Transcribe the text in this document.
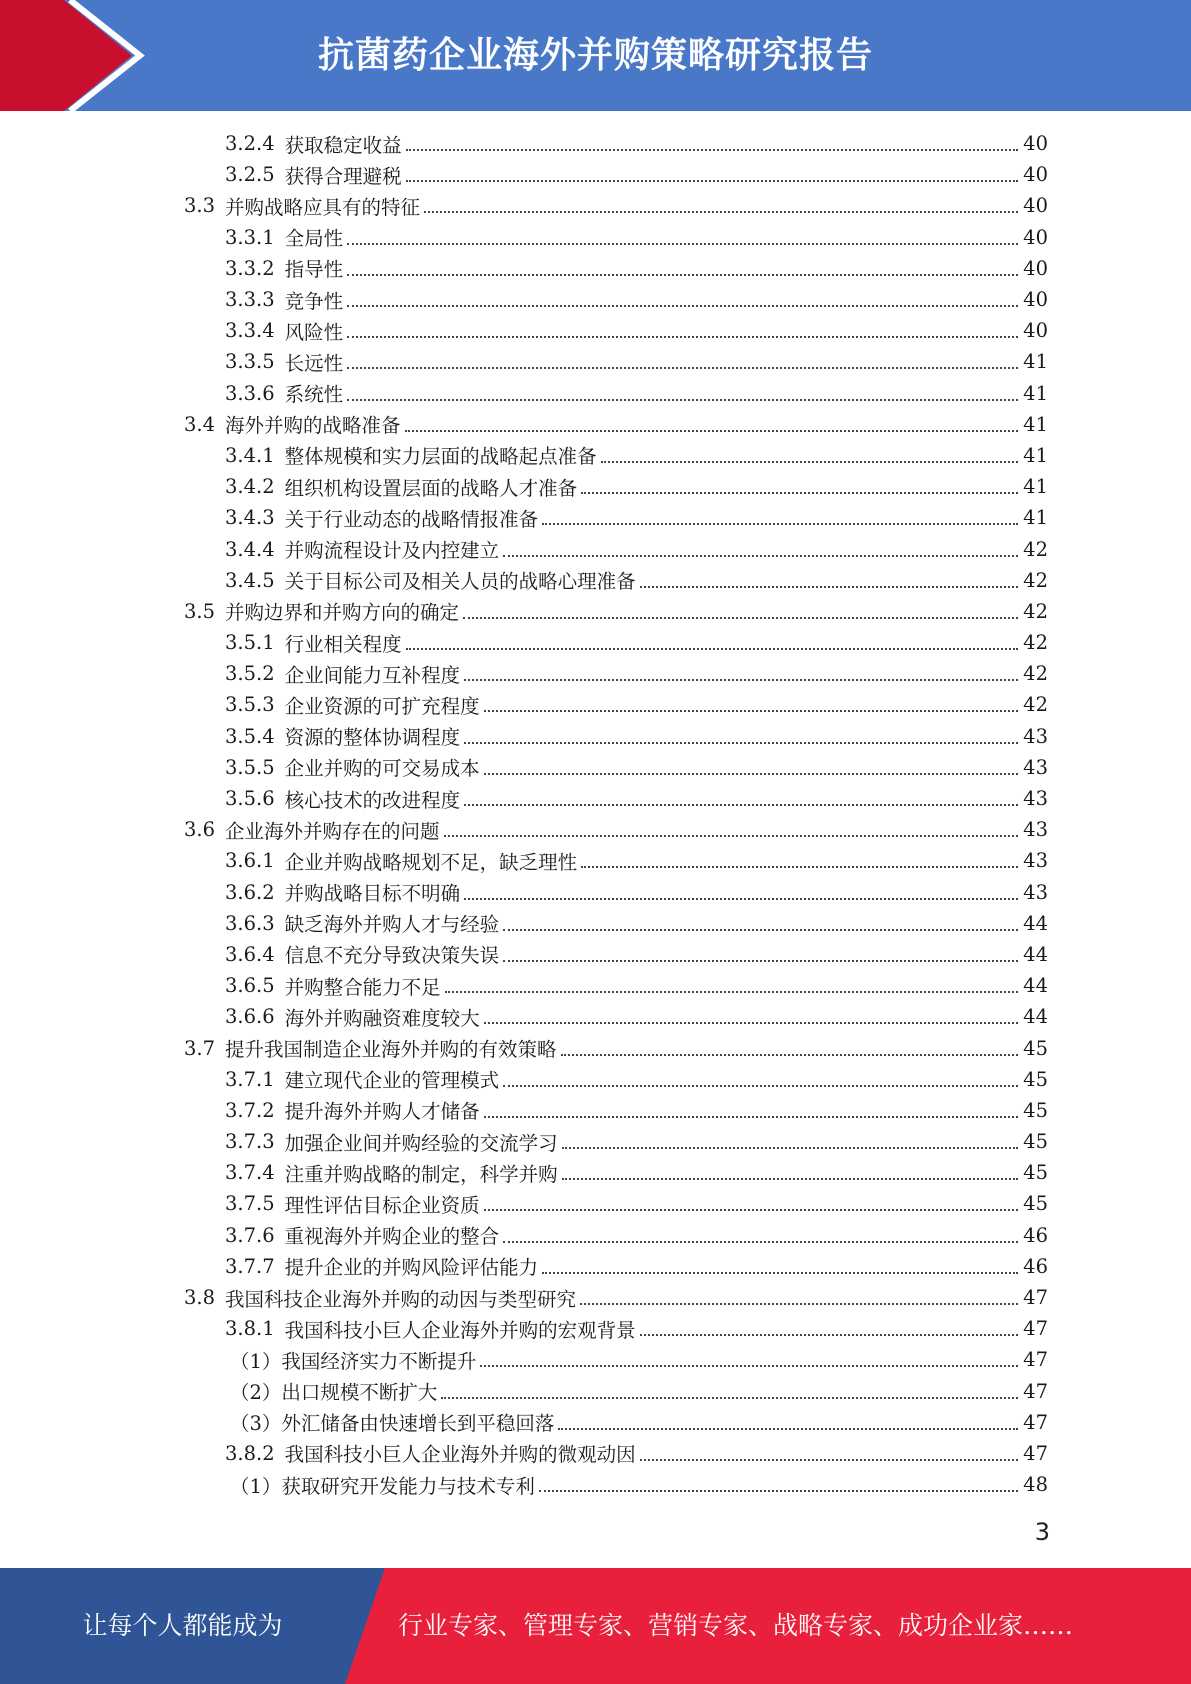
抗菌药企业海外并购策略研究报告
3.2.4 获取稳定收益	40
3.2.5 获得合理避税	40
3.3 并购战略应具有的特征	40
3.3.1 全局性	40
3.3.2 指导性	40
3.3.3 竞争性	40
3.3.4 风险性	40
3.3.5 长远性	41
3.3.6 系统性	41
3.4 海外并购的战略准备	41
3.4.1 整体规模和实力层面的战略起点准备	41
3.4.2 组织机构设置层面的战略人才准备	41
3.4.3 关于行业动态的战略情报准备	41
3.4.4 并购流程设计及内控建立	42
3.4.5 关于目标公司及相关人员的战略心理准备	42
3.5 并购边界和并购方向的确定	42
3.5.1 行业相关程度	42
3.5.2 企业间能力互补程度	42
3.5.3 企业资源的可扩充程度	42
3.5.4 资源的整体协调程度	43
3.5.5 企业并购的可交易成本	43
3.5.6 核心技术的改进程度	43
3.6 企业海外并购存在的问题	43
3.6.1 企业并购战略规划不足，缺乏理性	43
3.6.2 并购战略目标不明确	43
3.6.3 缺乏海外并购人才与经验	44
3.6.4 信息不充分导致决策失误	44
3.6.5 并购整合能力不足	44
3.6.6 海外并购融资难度较大	44
3.7 提升我国制造企业海外并购的有效策略	45
3.7.1 建立现代企业的管理模式	45
3.7.2 提升海外并购人才储备	45
3.7.3 加强企业间并购经验的交流学习	45
3.7.4 注重并购战略的制定，科学并购	45
3.7.5 理性评估目标企业资质	45
3.7.6 重视海外并购企业的整合	46
3.7.7 提升企业的并购风险评估能力	46
3.8 我国科技企业海外并购的动因与类型研究	47
3.8.1 我国科技小巨人企业海外并购的宏观背景	47
（1） 我国经济实力不断提升	47
（2） 出口规模不断扩大	47
（3） 外汇储备由快速增长到平稳回落	47
3.8.2 我国科技小巨人企业海外并购的微观动因	47
（1） 获取研究开发能力与技术专利	48
3
让每个人都能成为	行业专家、管理专家、营销专家、战略专家、成功企业家……
